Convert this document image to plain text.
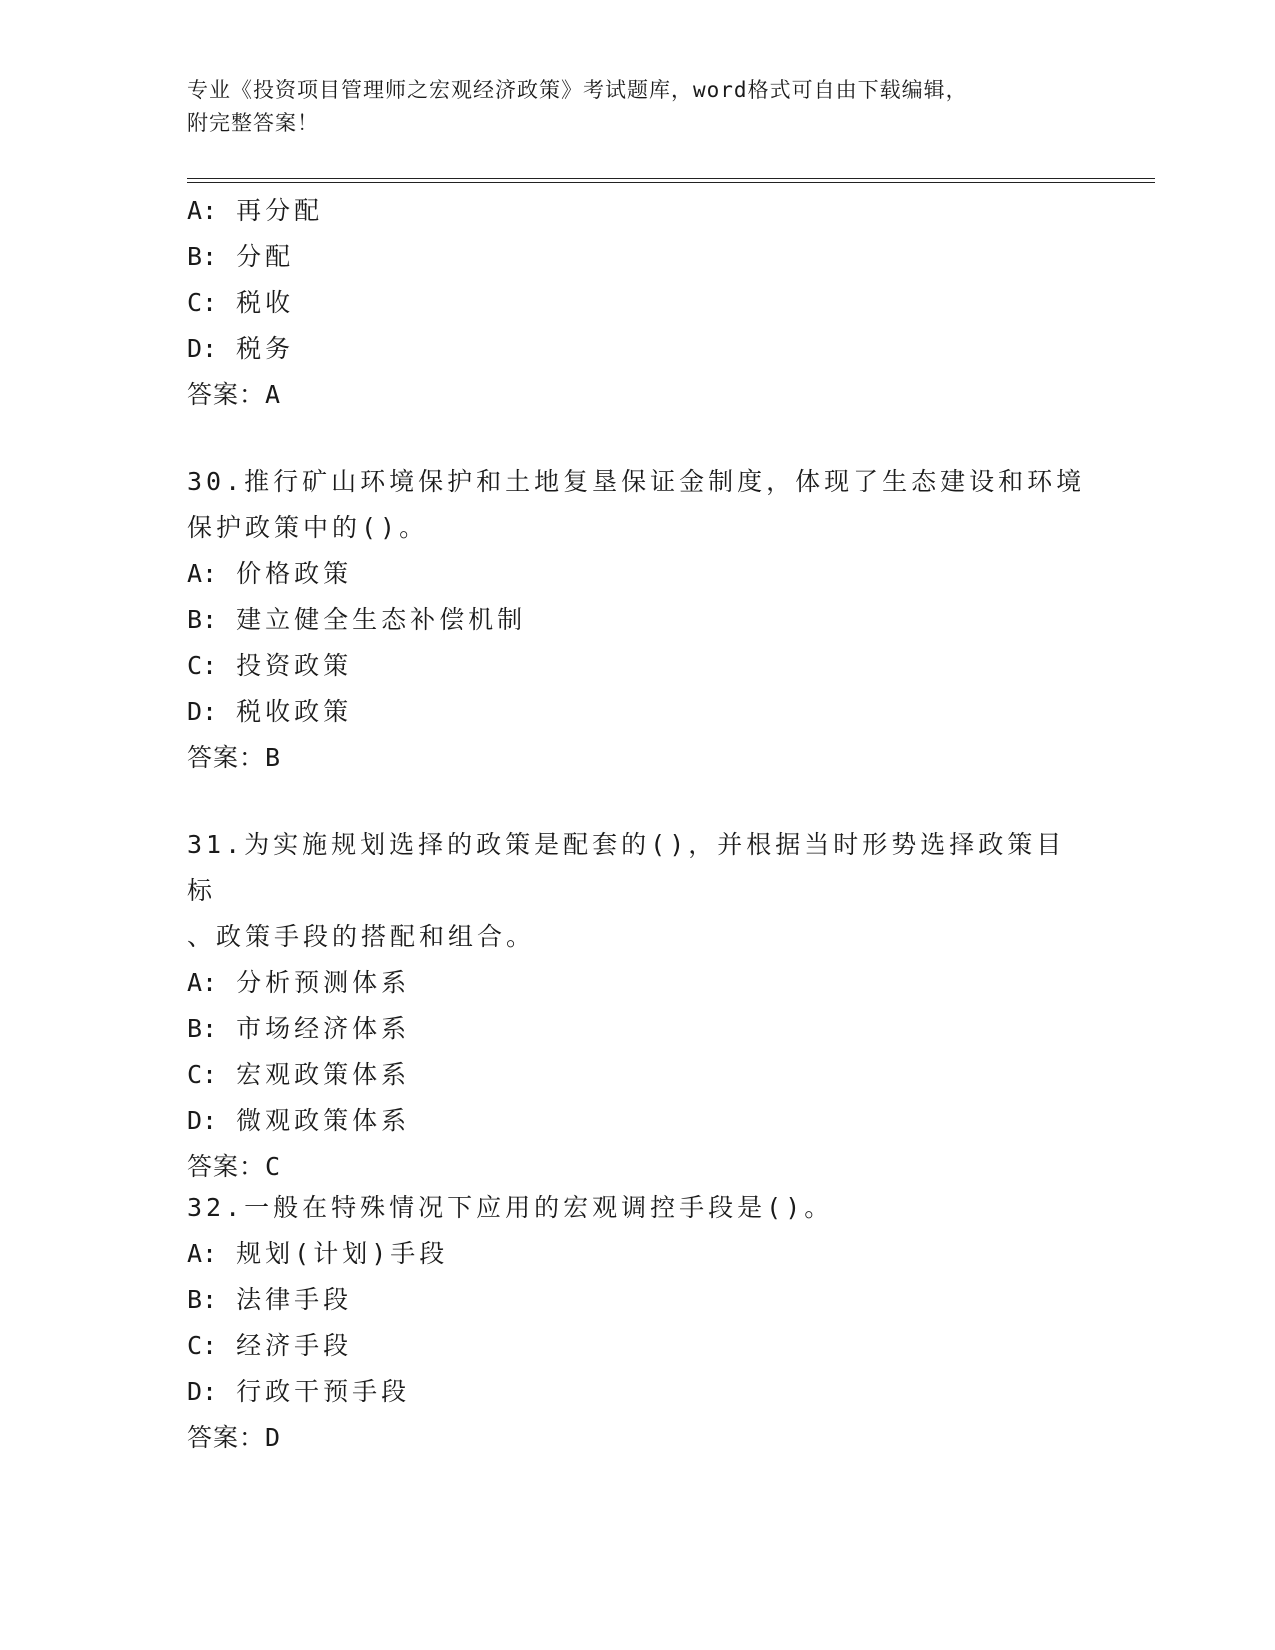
专业《投资项目管理师之宏观经济政策》考试题库，word格式可自由下载编辑，
附完整答案！
A: 再分配
B: 分配
C: 税收
D: 税务
答案：A
30.推行矿山环境保护和土地复垦保证金制度，体现了生态建设和环境
保护政策中的()。
A: 价格政策
B: 建立健全生态补偿机制
C: 投资政策
D: 税收政策
答案：B
31.为实施规划选择的政策是配套的()，并根据当时形势选择政策目标
、政策手段的搭配和组合。
A: 分析预测体系
B: 市场经济体系
C: 宏观政策体系
D: 微观政策体系
答案：C
32.一般在特殊情况下应用的宏观调控手段是()。
A: 规划(计划)手段
B: 法律手段
C: 经济手段
D: 行政干预手段
答案：D
